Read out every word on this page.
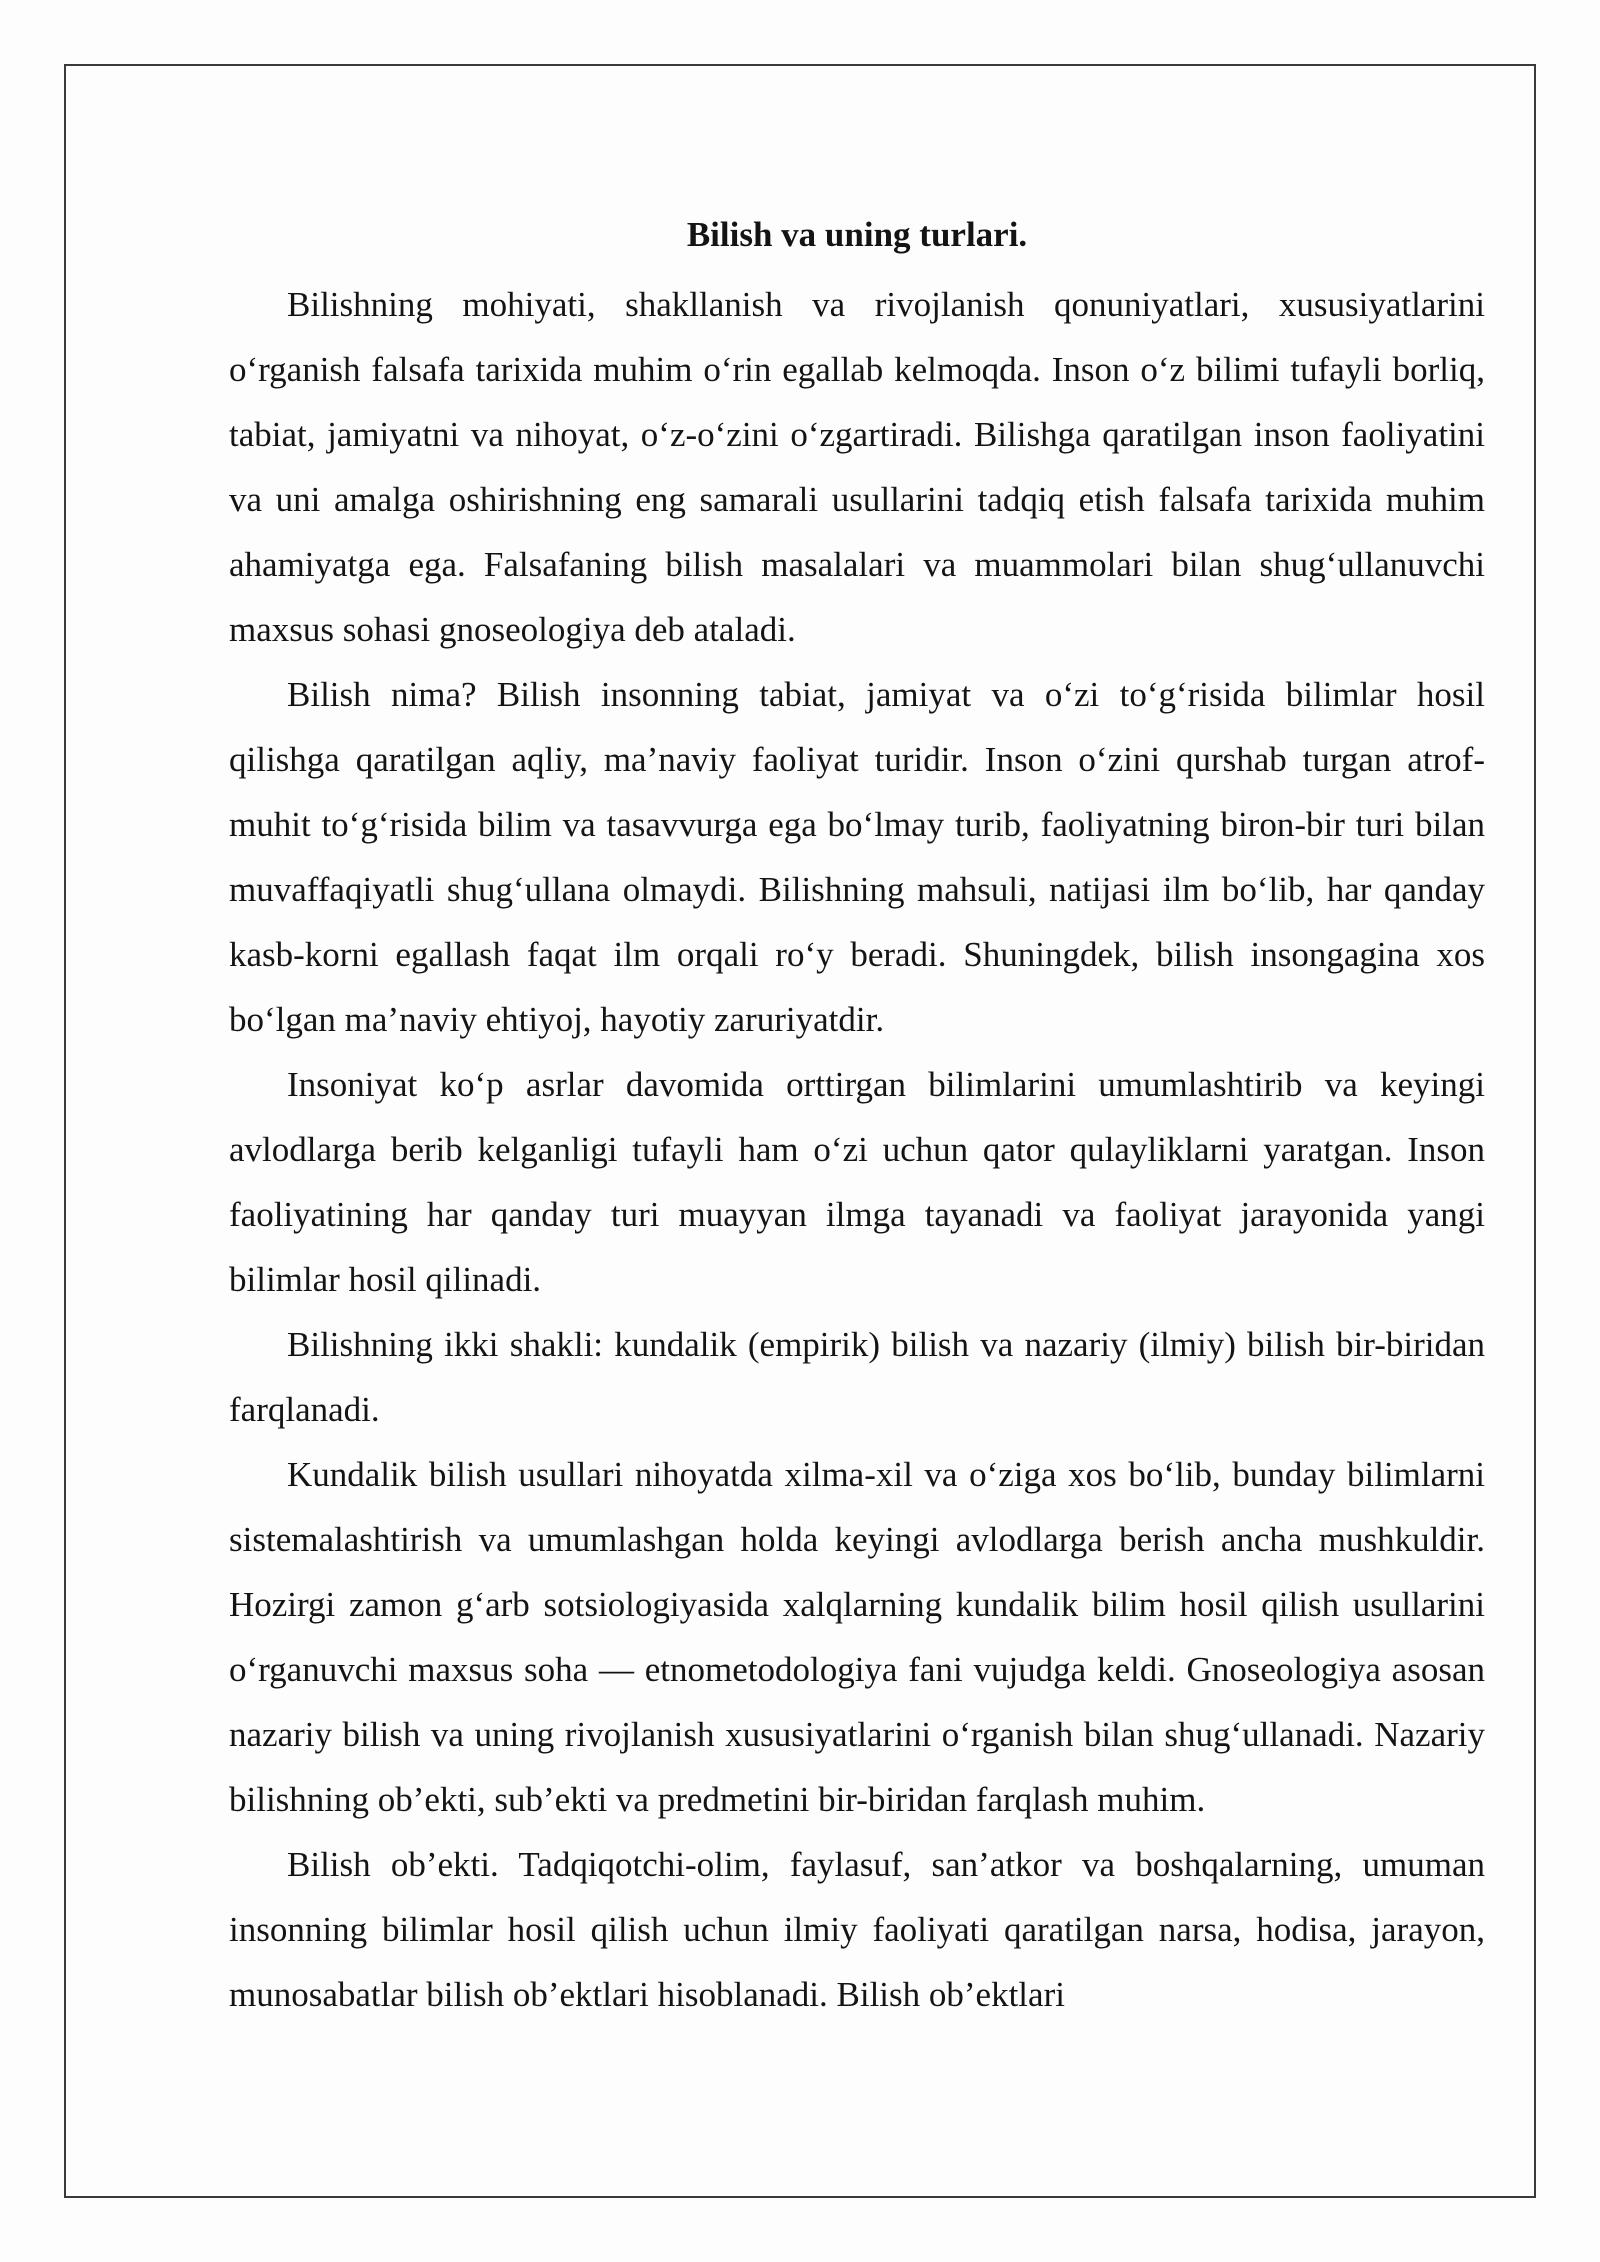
Bilish va uning turlari.

Bilishning mohiyati, shakllanish va rivojlanish qonuniyatlari, xususiyatlarini o‘rganish falsafa tarixida muhim o‘rin egallab kelmoqda. Inson o‘z bilimi tufayli borliq, tabiat, jamiyatni va nihoyat, o‘z-o‘zini o‘zgartiradi. Bilishga qaratilgan inson faoliyatini va uni amalga oshirishning eng samarali usullarini tadqiq etish falsafa tarixida muhim ahamiyatga ega. Falsafaning bilish masalalari va muammolari bilan shug‘ullanuvchi maxsus sohasi gnoseologiya deb ataladi.

Bilish nima? Bilish insonning tabiat, jamiyat va o‘zi to‘g‘risida bilimlar hosil qilishga qaratilgan aqliy, ma’naviy faoliyat turidir. Inson o‘zini qurshab turgan atrof-muhit to‘g‘risida bilim va tasavvurga ega bo‘lmay turib, faoliyatning biron-bir turi bilan muvaffaqiyatli shug‘ullana olmaydi. Bilishning mahsuli, natijasi ilm bo‘lib, har qanday kasb-korni egallash faqat ilm orqali ro‘y beradi. Shuningdek, bilish insongagina xos bo‘lgan ma’naviy ehtiyoj, hayotiy zaruriyatdir.

Insoniyat ko‘p asrlar davomida orttirgan bilimlarini umumlashtirib va keyingi avlodlarga berib kelganligi tufayli ham o‘zi uchun qator qulayliklarni yaratgan. Inson faoliyatining har qanday turi muayyan ilmga tayanadi va faoliyat jarayonida yangi bilimlar hosil qilinadi.

Bilishning ikki shakli: kundalik (empirik) bilish va nazariy (ilmiy) bilish bir-biridan farqlanadi.

Kundalik bilish usullari nihoyatda xilma-xil va o‘ziga xos bo‘lib, bunday bilimlarni sistemalashtirish va umumlashgan holda keyingi avlodlarga berish ancha mushkuldir. Hozirgi zamon g‘arb sotsiologiyasida xalqlarning kundalik bilim hosil qilish usullarini o‘rganuvchi maxsus soha — etnometodologiya fani vujudga keldi. Gnoseologiya asosan nazariy bilish va uning rivojlanish xususiyatlarini o‘rganish bilan shug‘ullanadi. Nazariy bilishning ob’ekti, sub’ekti va predmetini bir-biridan farqlash muhim.

Bilish ob’ekti. Tadqiqotchi-olim, faylasuf, san’atkor va boshqalarning, umuman insonning bilimlar hosil qilish uchun ilmiy faoliyati qaratilgan narsa, hodisa, jarayon, munosabatlar bilish ob’ektlari hisoblanadi. Bilish ob’ektlari
